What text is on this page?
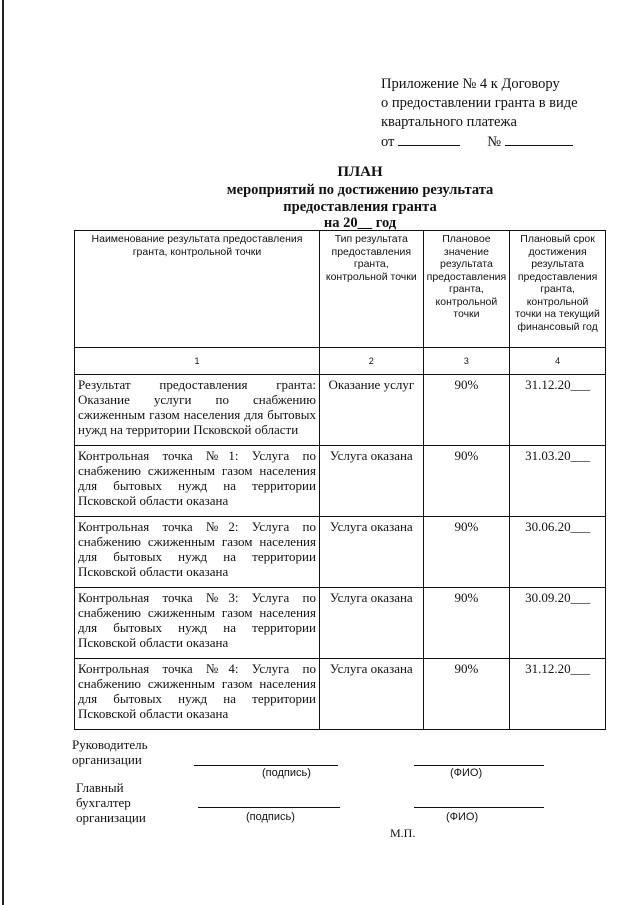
Приложение № 4 к Договору
о предоставлении гранта в виде
квартального платежа
от	№
ПЛАН
мероприятий по достижению результата
предоставления гранта
на 20__ год
Наименование результата предоставления гранта, контрольной точки	Тип результата предоставления гранта, контрольной точки	Плановое значение результата предоставления гранта, контрольной точки	Плановый срок достижения результата предоставления гранта, контрольной точки на текущий финансовый год
1	2	3	4
Результат предоставления гранта: Оказание услуги по снабжению сжиженным газом населения для бытовых нужд на территории Псковской области	Оказание услуг	90%	31.12.20___
Контрольная точка №1: Услуга по снабжению сжиженным газом населения для бытовых нужд на территории Псковской области оказана	Услуга оказана	90%	31.03.20___
Контрольная точка №2: Услуга по снабжению сжиженным газом населения для бытовых нужд на территории Псковской области оказана	Услуга оказана	90%	30.06.20___
Контрольная точка №3: Услуга по снабжению сжиженным газом населения для бытовых нужд на территории Псковской области оказана	Услуга оказана	90%	30.09.20___
Контрольная точка №4: Услуга по снабжению сжиженным газом населения для бытовых нужд на территории Псковской области оказана	Услуга оказана	90%	31.12.20___
Руководитель
организации
(подпись)	(ФИО)
Главный
бухгалтер
организации	(подпись)	(ФИО)
М.П.
